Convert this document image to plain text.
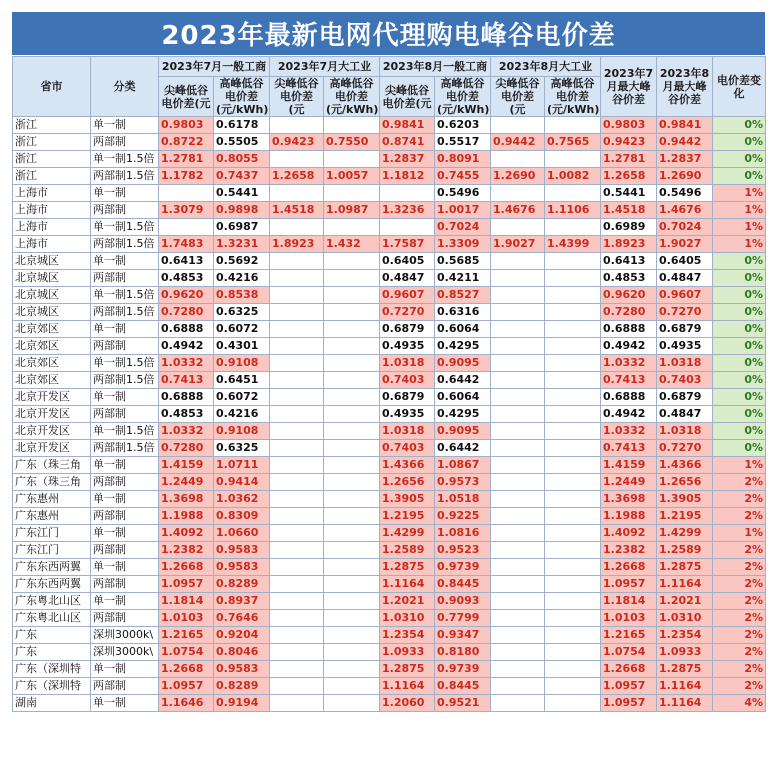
2023年最新电网代理购电峰谷电价差
省市	分类	2023年7月一般工商		2023年7月大工业		2023年8月一般工商		2023年8月大工业		2023年7月最大峰谷价差	2023年8月最大峰谷价差	电价差变化
		尖峰低谷电价差(元	高峰低谷电价差(元/kWh)	尖峰低谷电价差(元	高峰低谷电价差(元/kWh)	尖峰低谷电价差(元	高峰低谷电价差(元/kWh)	尖峰低谷电价差(元	高峰低谷电价差(元/kWh)			
浙江	单一制	0.9803	0.6178			0.9841	0.6203			0.9803	0.9841	0%
浙江	两部制	0.8722	0.5505	0.9423	0.7550	0.8741	0.5517	0.9442	0.7565	0.9423	0.9442	0%
浙江	单一制1.5倍	1.2781	0.8055			1.2837	0.8091			1.2781	1.2837	0%
浙江	两部制1.5倍	1.1782	0.7437	1.2658	1.0057	1.1812	0.7455	1.2690	1.0082	1.2658	1.2690	0%
上海市	单一制		0.5441				0.5496			0.5441	0.5496	1%
上海市	两部制	1.3079	0.9898	1.4518	1.0987	1.3236	1.0017	1.4676	1.1106	1.4518	1.4676	1%
上海市	单一制1.5倍		0.6987				0.7024			0.6989	0.7024	1%
上海市	两部制1.5倍	1.7483	1.3231	1.8923	1.432	1.7587	1.3309	1.9027	1.4399	1.8923	1.9027	1%
北京城区	单一制	0.6413	0.5692			0.6405	0.5685			0.6413	0.6405	0%
北京城区	两部制	0.4853	0.4216			0.4847	0.4211			0.4853	0.4847	0%
北京城区	单一制1.5倍	0.9620	0.8538			0.9607	0.8527			0.9620	0.9607	0%
北京城区	两部制1.5倍	0.7280	0.6325			0.7270	0.6316			0.7280	0.7270	0%
北京郊区	单一制	0.6888	0.6072			0.6879	0.6064			0.6888	0.6879	0%
北京郊区	两部制	0.4942	0.4301			0.4935	0.4295			0.4942	0.4935	0%
北京郊区	单一制1.5倍	1.0332	0.9108			1.0318	0.9095			1.0332	1.0318	0%
北京郊区	两部制1.5倍	0.7413	0.6451			0.7403	0.6442			0.7413	0.7403	0%
北京开发区	单一制	0.6888	0.6072			0.6879	0.6064			0.6888	0.6879	0%
北京开发区	两部制	0.4853	0.4216			0.4935	0.4295			0.4942	0.4847	0%
北京开发区	单一制1.5倍	1.0332	0.9108			1.0318	0.9095			1.0332	1.0318	0%
北京开发区	两部制1.5倍	0.7280	0.6325			0.7403	0.6442			0.7413	0.7270	0%
广东（珠三角	单一制	1.4159	1.0711			1.4366	1.0867			1.4159	1.4366	1%
广东（珠三角	两部制	1.2449	0.9414			1.2656	0.9573			1.2449	1.2656	2%
广东惠州	单一制	1.3698	1.0362			1.3905	1.0518			1.3698	1.3905	2%
广东惠州	两部制	1.1988	0.8309			1.2195	0.9225			1.1988	1.2195	2%
广东江门	单一制	1.4092	1.0660			1.4299	1.0816			1.4092	1.4299	1%
广东江门	两部制	1.2382	0.9583			1.2589	0.9523			1.2382	1.2589	2%
广东东西两翼	单一制	1.2668	0.9583			1.2875	0.9739			1.2668	1.2875	2%
广东东西两翼	两部制	1.0957	0.8289			1.1164	0.8445			1.0957	1.1164	2%
广东粤北山区	单一制	1.1814	0.8937			1.2021	0.9093			1.1814	1.2021	2%
广东粤北山区	两部制	1.0103	0.7646			1.0310	0.7799			1.0103	1.0310	2%
广东	深圳3000k\	1.2165	0.9204			1.2354	0.9347			1.2165	1.2354	2%
广东	深圳3000k\	1.0754	0.8046			1.0933	0.8180			1.0754	1.0933	2%
广东（深圳特	单一制	1.2668	0.9583			1.2875	0.9739			1.2668	1.2875	2%
广东（深圳特	两部制	1.0957	0.8289			1.1164	0.8445			1.0957	1.1164	2%
湖南	单一制	1.1646	0.9194			1.2060	0.9521			1.0957	1.1164	4%
